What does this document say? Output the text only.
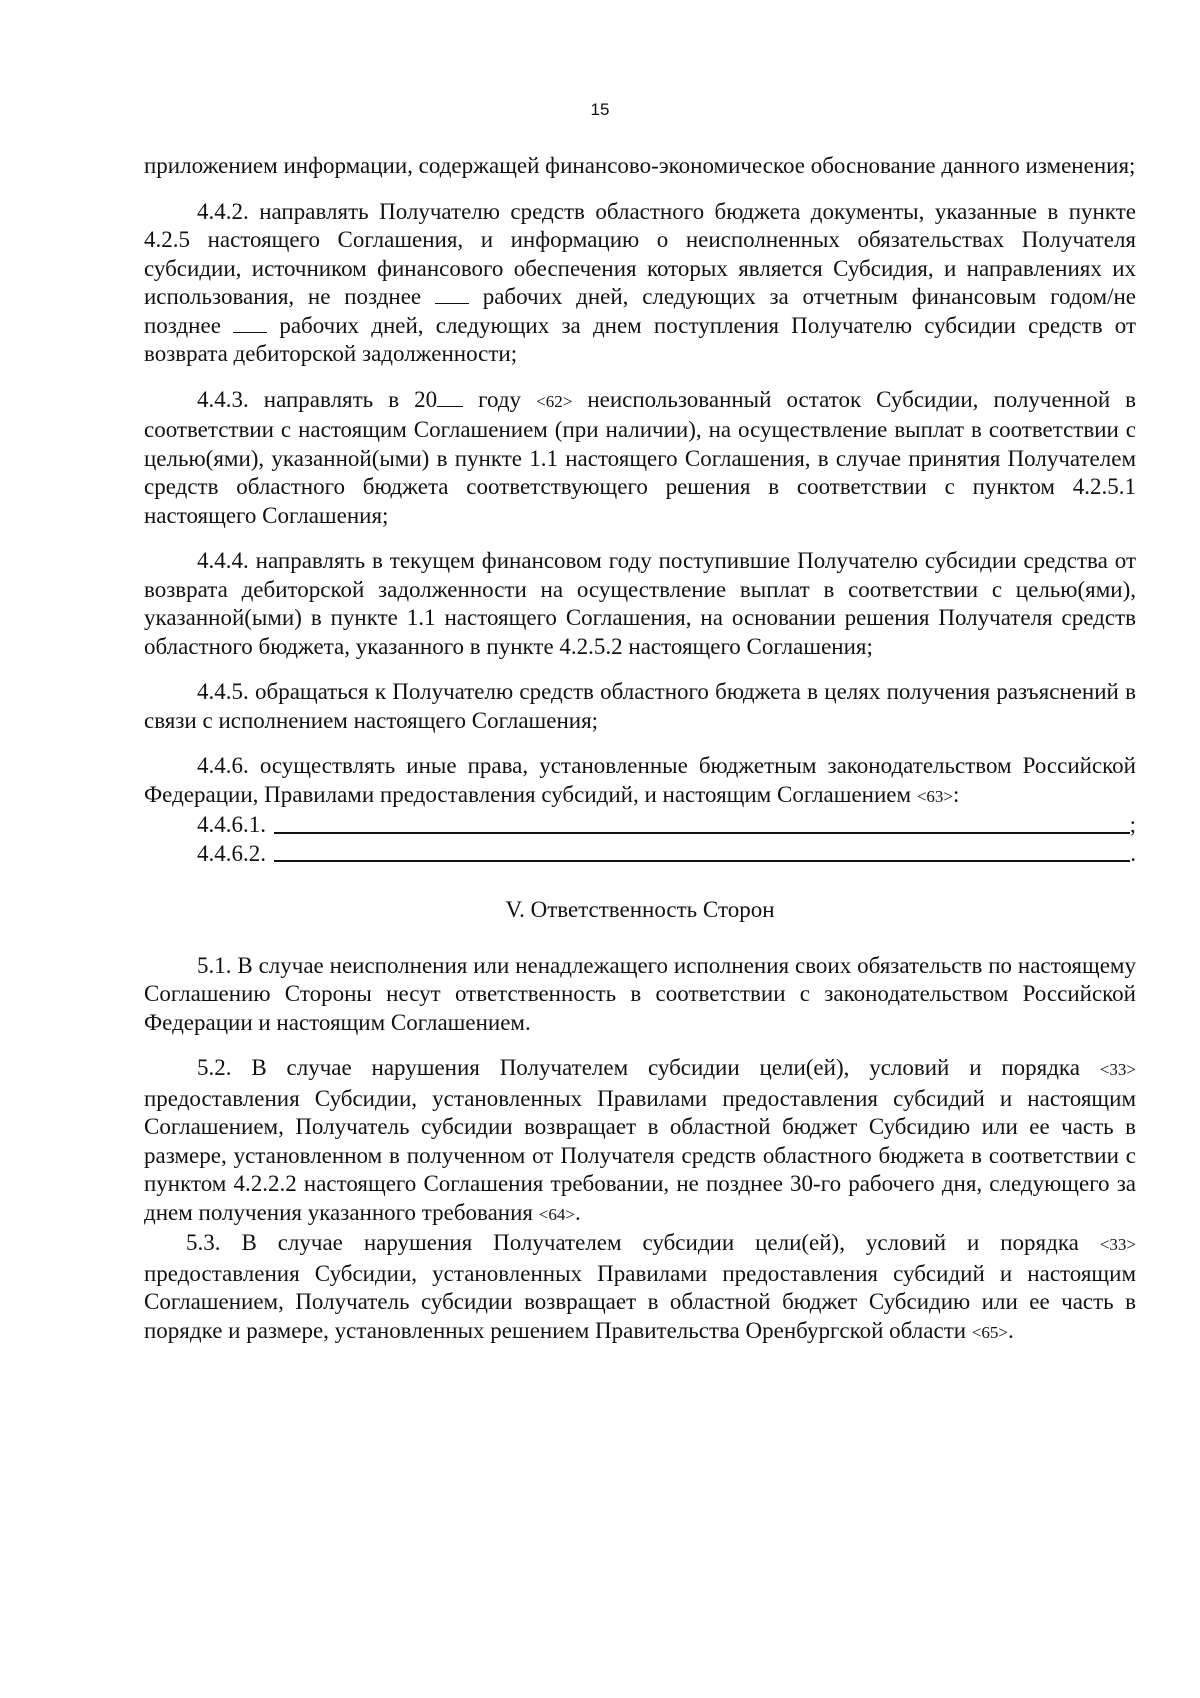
15

приложением информации, содержащей финансово-экономическое обоснование данного изменения;

4.4.2. направлять Получателю средств областного бюджета документы, указанные в пункте 4.2.5 настоящего Соглашения, и информацию о неисполненных обязательствах Получателя субсидии, источником финансового обеспечения которых является Субсидия, и направлениях их использования, не позднее	рабочих дней, следующих за отчетным финансовым годом/не позднее	рабочих дней, следующих за днем поступления Получателю субсидии средств от возврата дебиторской задолженности;

4.4.3. направлять в 20 году <62> неиспользованный остаток Субсидии, полученной в соответствии с настоящим Соглашением (при наличии), на осуществление выплат в соответствии с целью(ями), указанной(ыми) в пункте 1.1 настоящего Соглашения, в случае принятия Получателем средств областного бюджета соответствующего решения в соответствии с пунктом 4.2.5.1 настоящего Соглашения;

4.4.4. направлять в текущем финансовом году поступившие Получателю субсидии средства от возврата дебиторской задолженности на осуществление выплат в соответствии с целью(ями), указанной(ыми) в пункте 1.1 настоящего Соглашения, на основании решения Получателя средств областного бюджета, указанного в пункте 4.2.5.2 настоящего Соглашения;

4.4.5. обращаться к Получателю средств областного бюджета в целях получения разъяснений в связи с исполнением настоящего Соглашения;

4.4.6. осуществлять иные права, установленные бюджетным законодательством Российской Федерации, Правилами предоставления субсидий, и настоящим Соглашением <63>:

4.4.6.1.	;
4.4.6.2.	.
V. Ответственность Сторон

5.1. В случае неисполнения или ненадлежащего исполнения своих обязательств по настоящему Соглашению Стороны несут ответственность в соответствии с законодательством Российской Федерации и настоящим Соглашением.

5.2. В случае нарушения Получателем субсидии цели(ей), условий и порядка <33> предоставления Субсидии, установленных Правилами предоставления субсидий и настоящим Соглашением, Получатель субсидии возвращает в областной бюджет Субсидию или ее часть в размере, установленном в полученном от Получателя средств областного бюджета в соответствии с пунктом 4.2.2.2 настоящего Соглашения требовании, не позднее 30-го рабочего дня, следующего за днем получения указанного требования <64>.

5.3. В случае нарушения Получателем субсидии цели(ей), условий и порядка <33> предоставления Субсидии, установленных Правилами предоставления субсидий и настоящим Соглашением, Получатель субсидии возвращает в областной бюджет Субсидию или ее часть в порядке и размере, установленных решением Правительства Оренбургской области <65>.
